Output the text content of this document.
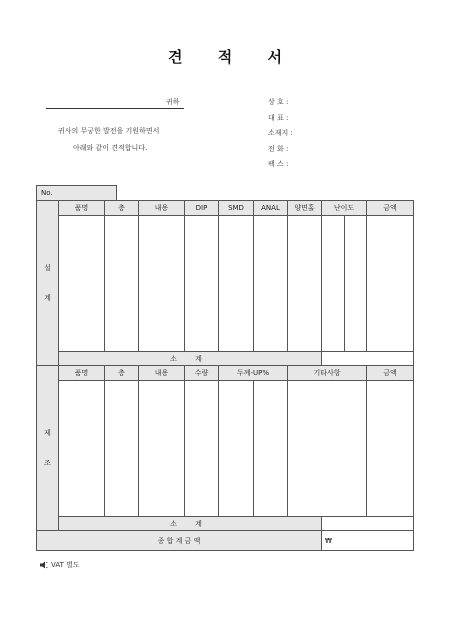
견 적 서
귀하
귀사의 무궁한 발전을 기원하면서
아래와 같이 견적합니다.
상 호 :
대 표 :
소재지 :
전 화 :
팩 스 :
No.
설
계	품명	층	내용	DIP	SMD	ANAL	양면홀	난이도		금액

	소 계									

제
조	품명	층	내용	수량	두께-UP%		기타사항			금액

	소 계									
종 합 계 금 액								₩		
VAT 별도
